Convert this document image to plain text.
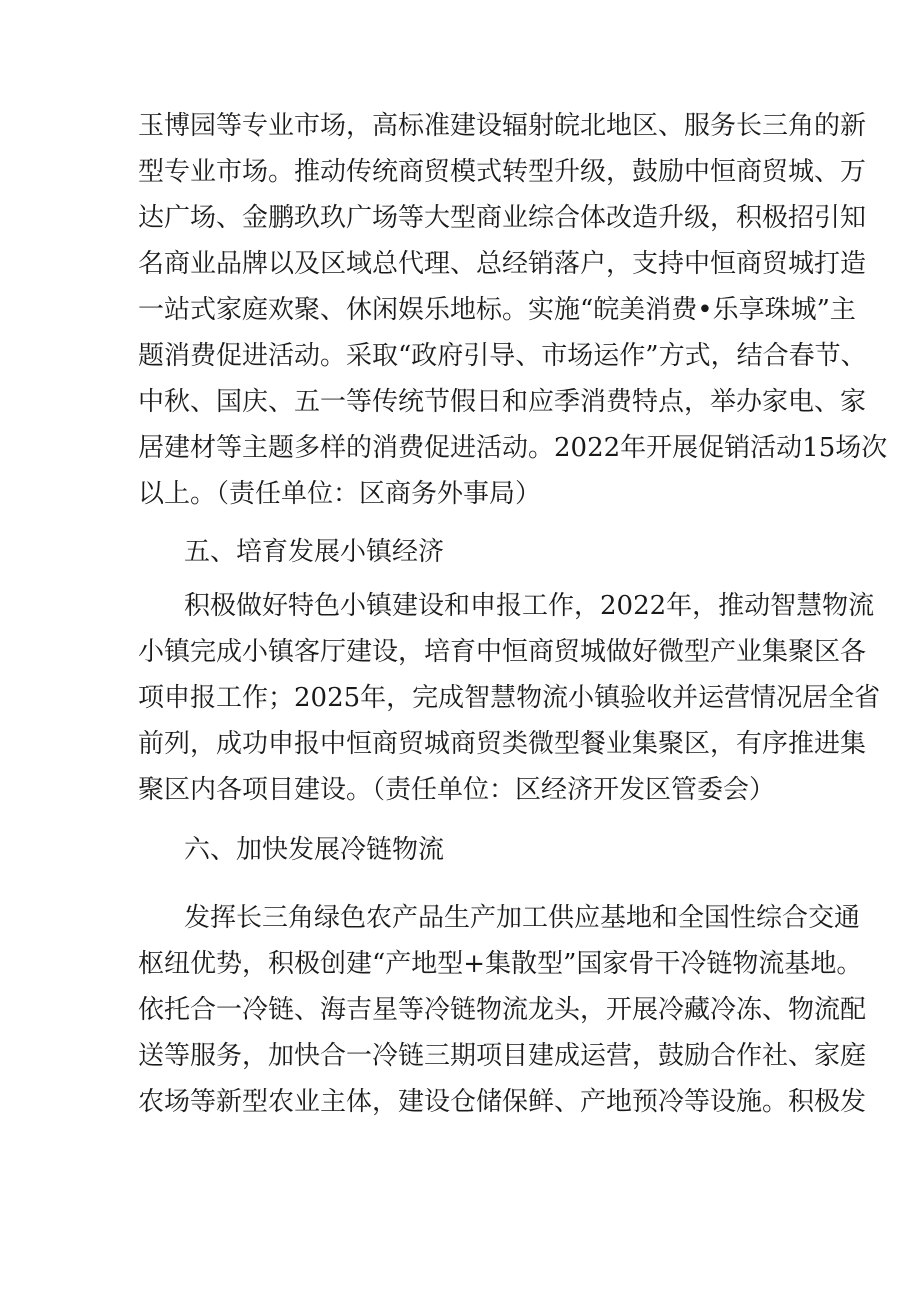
玉博园等专业市场，高标准建设辐射皖北地区、服务长三角的新
型专业市场。推动传统商贸模式转型升级，鼓励中恒商贸城、万
达广场、金鹏玖玖广场等大型商业综合体改造升级，积极招引知
名商业品牌以及区域总代理、总经销落户，支持中恒商贸城打造
一站式家庭欢聚、休闲娱乐地标。实施“皖美消费•乐享珠城”主
题消费促进活动。采取“政府引导、市场运作”方式，结合春节、
中秋、国庆、五一等传统节假日和应季消费特点，举办家电、家
居建材等主题多样的消费促进活动。2022年开展促销活动15场次
以上。（责任单位：区商务外事局）
五、培育发展小镇经济
积极做好特色小镇建设和申报工作，2022年，推动智慧物流
小镇完成小镇客厅建设，培育中恒商贸城做好微型产业集聚区各
项申报工作；2025年，完成智慧物流小镇验收并运营情况居全省
前列，成功申报中恒商贸城商贸类微型餐业集聚区，有序推进集
聚区内各项目建设。（责任单位：区经济开发区管委会）
六、加快发展冷链物流
发挥长三角绿色农产品生产加工供应基地和全国性综合交通
枢纽优势，积极创建“产地型+集散型”国家骨干冷链物流基地。
依托合一冷链、海吉星等冷链物流龙头，开展冷藏冷冻、物流配
送等服务，加快合一冷链三期项目建成运营，鼓励合作社、家庭
农场等新型农业主体，建设仓储保鲜、产地预冷等设施。积极发
